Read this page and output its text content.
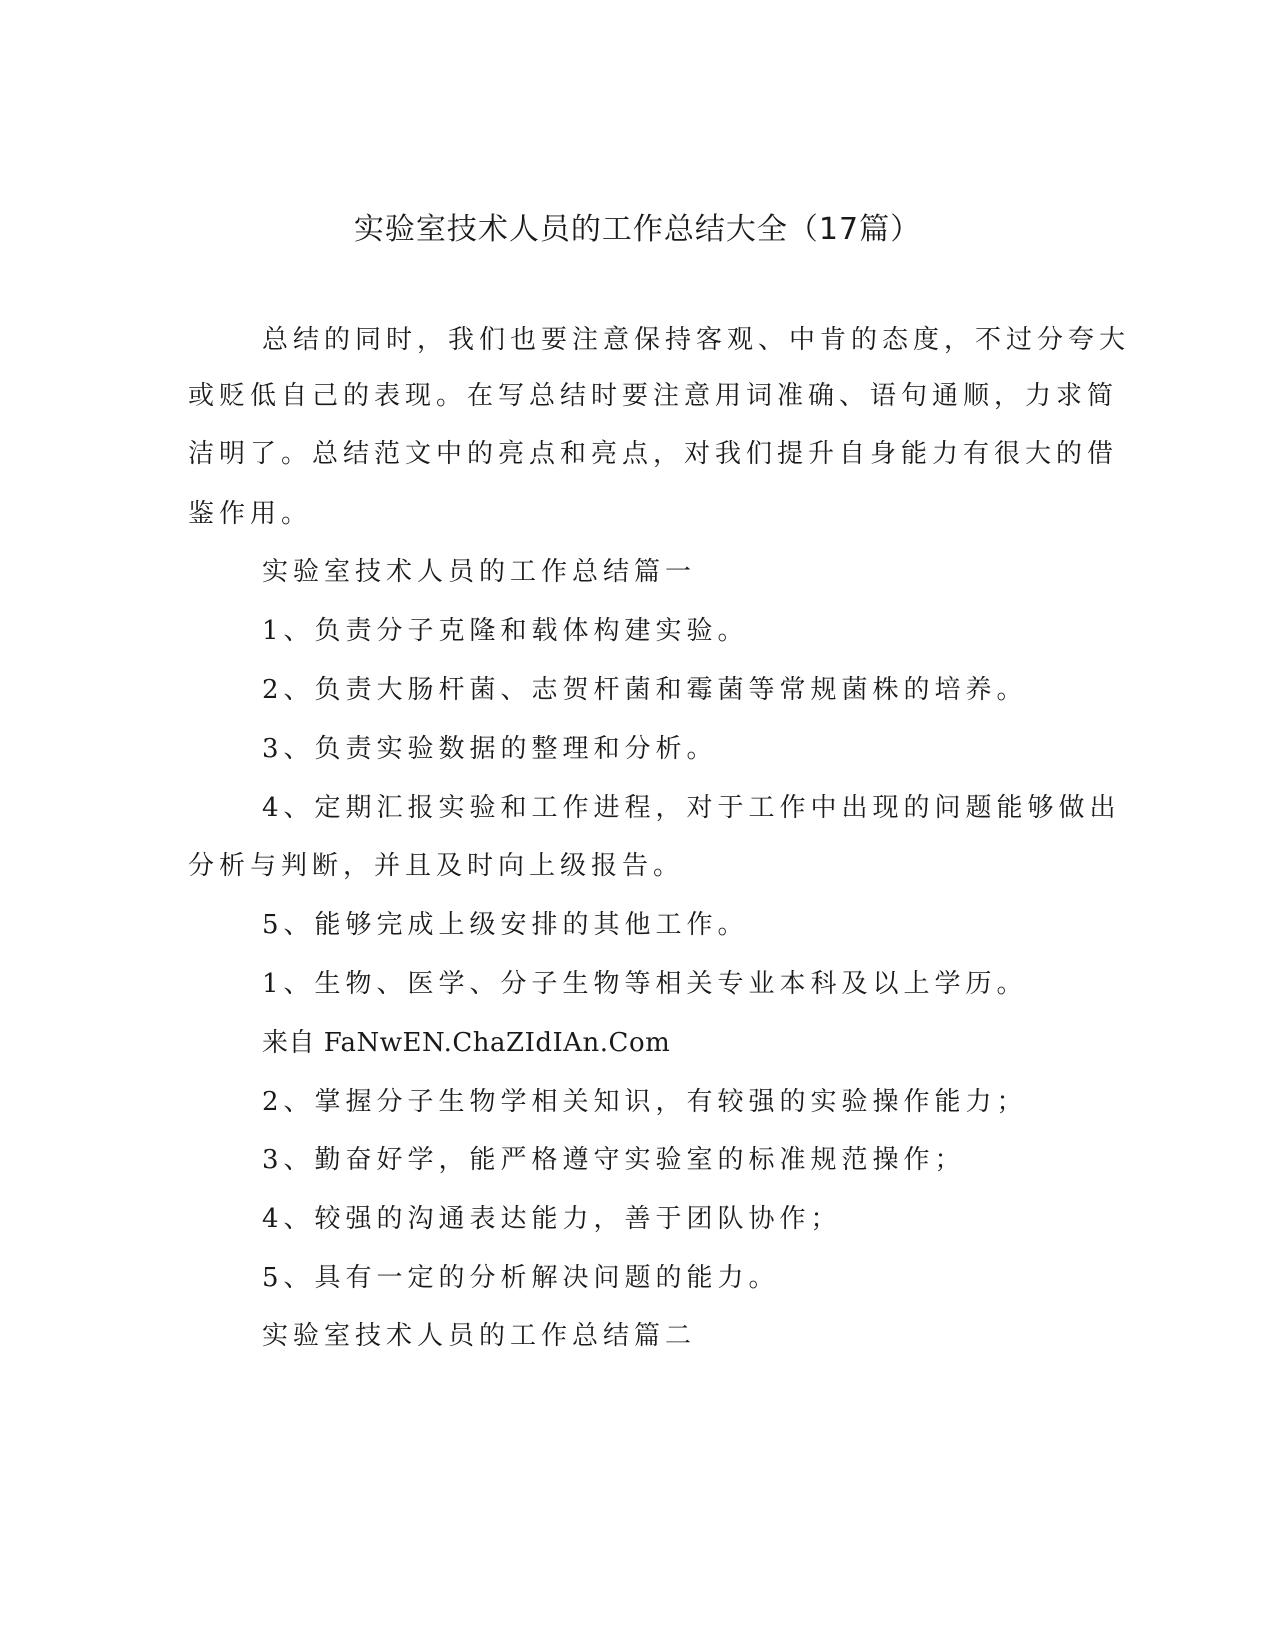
实验室技术人员的工作总结大全（17篇）

总结的同时，我们也要注意保持客观、中肯的态度，不过分夸大

或贬低自己的表现。在写总结时要注意用词准确、语句通顺，力求简

洁明了。总结范文中的亮点和亮点，对我们提升自身能力有很大的借

鉴作用。

实验室技术人员的工作总结篇一

1、负责分子克隆和载体构建实验。

2、负责大肠杆菌、志贺杆菌和霉菌等常规菌株的培养。

3、负责实验数据的整理和分析。

4、定期汇报实验和工作进程，对于工作中出现的问题能够做出

分析与判断，并且及时向上级报告。

5、能够完成上级安排的其他工作。

1、生物、医学、分子生物等相关专业本科及以上学历。

来自 FaNwEN.ChaZIdIAn.Com

2、掌握分子生物学相关知识，有较强的实验操作能力；

3、勤奋好学，能严格遵守实验室的标准规范操作；

4、较强的沟通表达能力，善于团队协作；

5、具有一定的分析解决问题的能力。

实验室技术人员的工作总结篇二
